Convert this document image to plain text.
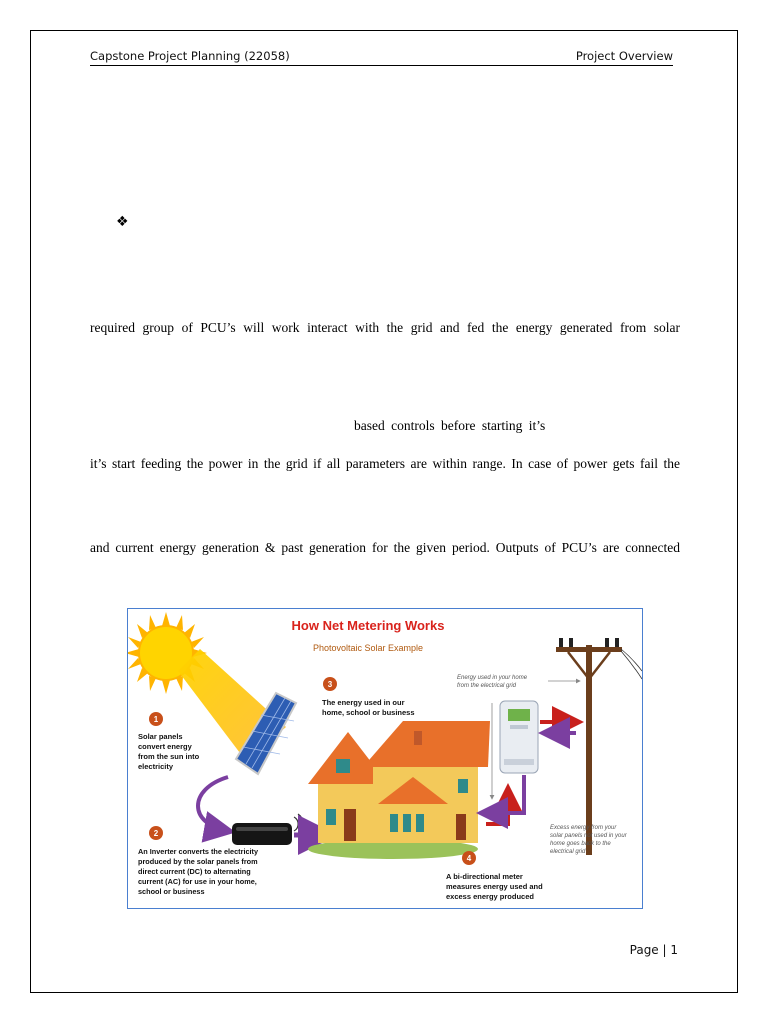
Capstone Project Planning (22058)	Project Overview
❖
required group of PCU’s will work interact with the grid and fed the energy generated from solar
based controls before starting it’s
it’s start feeding the power in the grid if all parameters are within range. In case of power gets fail the
and current energy generation & past generation for the given period. Outputs of PCU’s are connected
How Net Metering Works
Photovoltaic Solar Example
1
Solar panels
convert energy
from the sun into
electricity
2
An Inverter converts the electricity
produced by the solar panels from
direct current (DC) to alternating
current (AC) for use in your home,
school or business
3
The energy used in our
home, school or business
Energy used in your home
from the electrical grid
Excess energy from your
solar panels not used in your
home goes back to the
electrical grid
4
A bi-directional meter
measures energy used and
excess energy produced
Page | 1
